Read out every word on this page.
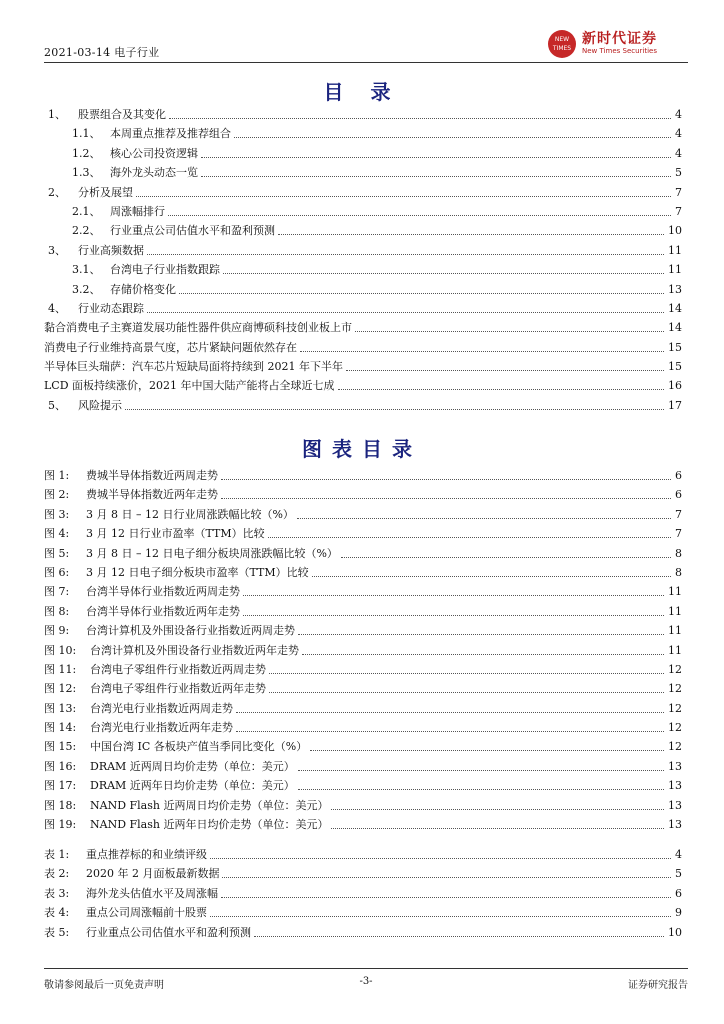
2021-03-14 电子行业
NEW TIMES
新时代证券
New Times Securities
目 录
1、 股票组合及其变化	4
1.1、 本周重点推荐及推荐组合	4
1.2、 核心公司投资逻辑	4
1.3、 海外龙头动态一览	5
2、 分析及展望	7
2.1、 周涨幅排行	7
2.2、 行业重点公司估值水平和盈利预测	10
3、 行业高频数据	11
3.1、 台湾电子行业指数跟踪	11
3.2、 存储价格变化	13
4、 行业动态跟踪	14
黏合消费电子主赛道发展功能性器件供应商博硕科技创业板上市	14
消费电子行业维持高景气度，芯片紧缺问题依然存在	15
半导体巨头瑞萨：汽车芯片短缺局面将持续到 2021 年下半年	15
LCD 面板持续涨价，2021 年中国大陆产能将占全球近七成	16
5、 风险提示	17
图表目录
图 1: 费城半导体指数近两周走势	6
图 2: 费城半导体指数近两年走势	6
图 3: 3 月 8 日 – 12 日行业周涨跌幅比较（%）	7
图 4: 3 月 12 日行业市盈率（TTM）比较	7
图 5: 3 月 8 日 – 12 日电子细分板块周涨跌幅比较（%）	8
图 6: 3 月 12 日电子细分板块市盈率（TTM）比较	8
图 7: 台湾半导体行业指数近两周走势	11
图 8: 台湾半导体行业指数近两年走势	11
图 9: 台湾计算机及外围设备行业指数近两周走势	11
图 10: 台湾计算机及外围设备行业指数近两年走势	11
图 11: 台湾电子零组件行业指数近两周走势	12
图 12: 台湾电子零组件行业指数近两年走势	12
图 13: 台湾光电行业指数近两周走势	12
图 14: 台湾光电行业指数近两年走势	12
图 15: 中国台湾 IC 各板块产值当季同比变化（%）	12
图 16: DRAM 近两周日均价走势（单位：美元）	13
图 17: DRAM 近两年日均价走势（单位：美元）	13
图 18: NAND Flash 近两周日均价走势（单位：美元）	13
图 19: NAND Flash 近两年日均价走势（单位：美元）	13
表 1: 重点推荐标的和业绩评级	4
表 2: 2020 年 2 月面板最新数据	5
表 3: 海外龙头估值水平及周涨幅	6
表 4: 重点公司周涨幅前十股票	9
表 5: 行业重点公司估值水平和盈利预测	10
敬请参阅最后一页免责声明	-3-	证券研究报告
